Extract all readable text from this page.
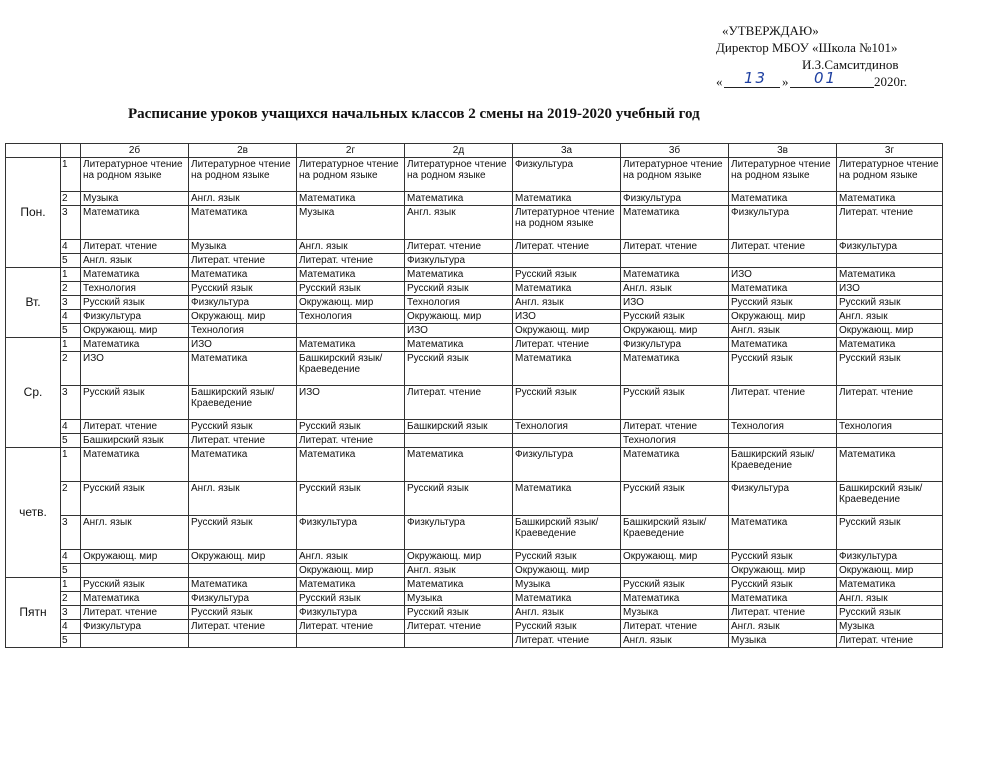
«УТВЕРЖДАЮ»
Директор МБОУ «Школа №101»
И.З.Самситдинов
« 13 » 01	2020г.
Расписание уроков учащихся начальных классов 2 смены на 2019-2020 учебный год
		2б	2в	2г	2д	3а	3б	3в	3г
Пон.	1	Литературное чтение на родном языке	Литературное чтение на родном языке	Литературное чтение на родном языке	Литературное чтение на родном языке	Физкультура	Литературное чтение на родном языке	Литературное чтение на родном языке	Литературное чтение на родном языке
	2	Музыка	Англ. язык	Математика	Математика	Математика	Физкультура	Математика	Математика
	3	Математика	Математика	Музыка	Англ. язык	Литературное чтение на родном языке	Математика	Физкультура	Литерат. чтение
	4	Литерат. чтение	Музыка	Англ. язык	Литерат. чтение	Литерат. чтение	Литерат. чтение	Литерат. чтение	Физкультура
	5	Англ. язык	Литерат. чтение	Литерат. чтение	Физкультура				
Вт.	1	Математика	Математика	Математика	Математика	Русский язык	Математика	ИЗО	Математика
	2	Технология	Русский язык	Русский язык	Русский язык	Математика	Англ. язык	Математика	ИЗО
	3	Русский язык	Физкультура	Окружающ. мир	Технология	Англ. язык	ИЗО	Русский язык	Русский язык
	4	Физкультура	Окружающ. мир	Технология	Окружающ. мир	ИЗО	Русский язык	Окружающ. мир	Англ. язык
	5	Окружающ. мир	Технология		ИЗО	Окружающ. мир	Окружающ. мир	Англ. язык	Окружающ. мир
Ср.	1	Математика	ИЗО	Математика	Математика	Литерат. чтение	Физкультура	Математика	Математика
	2	ИЗО	Математика	Башкирский язык/ Краеведение	Русский язык	Математика	Математика	Русский язык	Русский язык
	3	Русский язык	Башкирский язык/ Краеведение	ИЗО	Литерат. чтение	Русский язык	Русский язык	Литерат. чтение	Литерат. чтение
	4	Литерат. чтение	Русский язык	Русский язык	Башкирский язык	Технология	Литерат. чтение	Технология	Технология
	5	Башкирский язык	Литерат. чтение	Литерат. чтение			Технология		
четв.	1	Математика	Математика	Математика	Математика	Физкультура	Математика	Башкирский язык/ Краеведение	Математика
	2	Русский язык	Англ. язык	Русский язык	Русский язык	Математика	Русский язык	Физкультура	Башкирский язык/ Краеведение
	3	Англ. язык	Русский язык	Физкультура	Физкультура	Башкирский язык/ Краеведение	Башкирский язык/ Краеведение	Математика	Русский язык
	4	Окружающ. мир	Окружающ. мир	Англ. язык	Окружающ. мир	Русский язык	Окружающ. мир	Русский язык	Физкультура
	5			Окружающ. мир	Англ. язык	Окружающ. мир		Окружающ. мир	Окружающ. мир
Пятн	1	Русский язык	Математика	Математика	Математика	Музыка	Русский язык	Русский язык	Математика
	2	Математика	Физкультура	Русский язык	Музыка	Математика	Математика	Математика	Англ. язык
	3	Литерат. чтение	Русский язык	Физкультура	Русский язык	Англ. язык	Музыка	Литерат. чтение	Русский язык
	4	Физкультура	Литерат. чтение	Литерат. чтение	Литерат. чтение	Русский язык	Литерат. чтение	Англ. язык	Музыка
	5					Литерат. чтение	Англ. язык	Музыка	Литерат. чтение
